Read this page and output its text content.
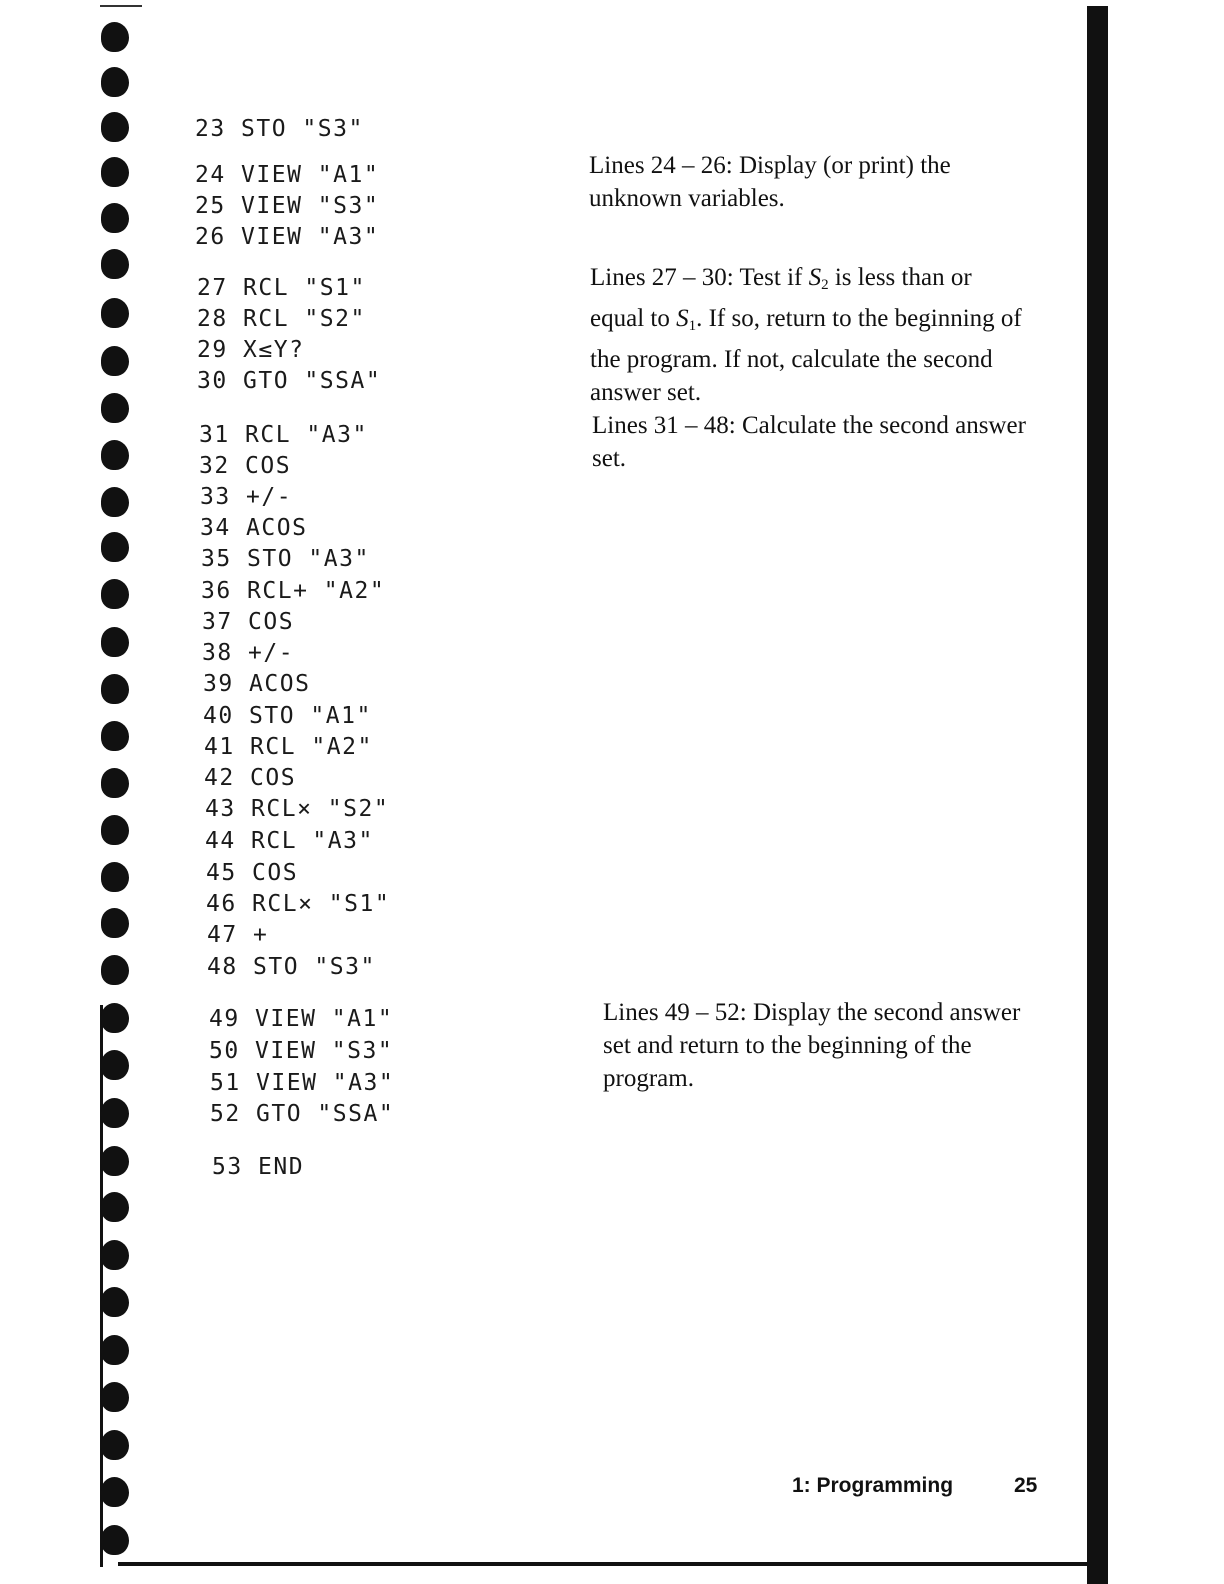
23 STO "S3"
24 VIEW "A1"
25 VIEW "S3"
26 VIEW "A3"
27 RCL "S1"
28 RCL "S2"
29 X≤Y?
30 GTO "SSA"
31 RCL "A3"
32 COS
33 +/-
34 ACOS
35 STO "A3"
36 RCL+ "A2"
37 COS
38 +/-
39 ACOS
40 STO "A1"
41 RCL "A2"
42 COS
43 RCL× "S2"
44 RCL "A3"
45 COS
46 RCL× "S1"
47 +
48 STO "S3"
49 VIEW "A1"
50 VIEW "S3"
51 VIEW "A3"
52 GTO "SSA"
53 END
Lines 24 – 26: Display (or print) the unknown variables.
Lines 27 – 30: Test if $S_2$ is less than or equal to $S_1$. If so, return to the beginning of the program. If not, calculate the second answer set.
Lines 31 – 48: Calculate the second answer set.
Lines 49 – 52: Display the second answer set and return to the beginning of the program.
1: Programming	25
